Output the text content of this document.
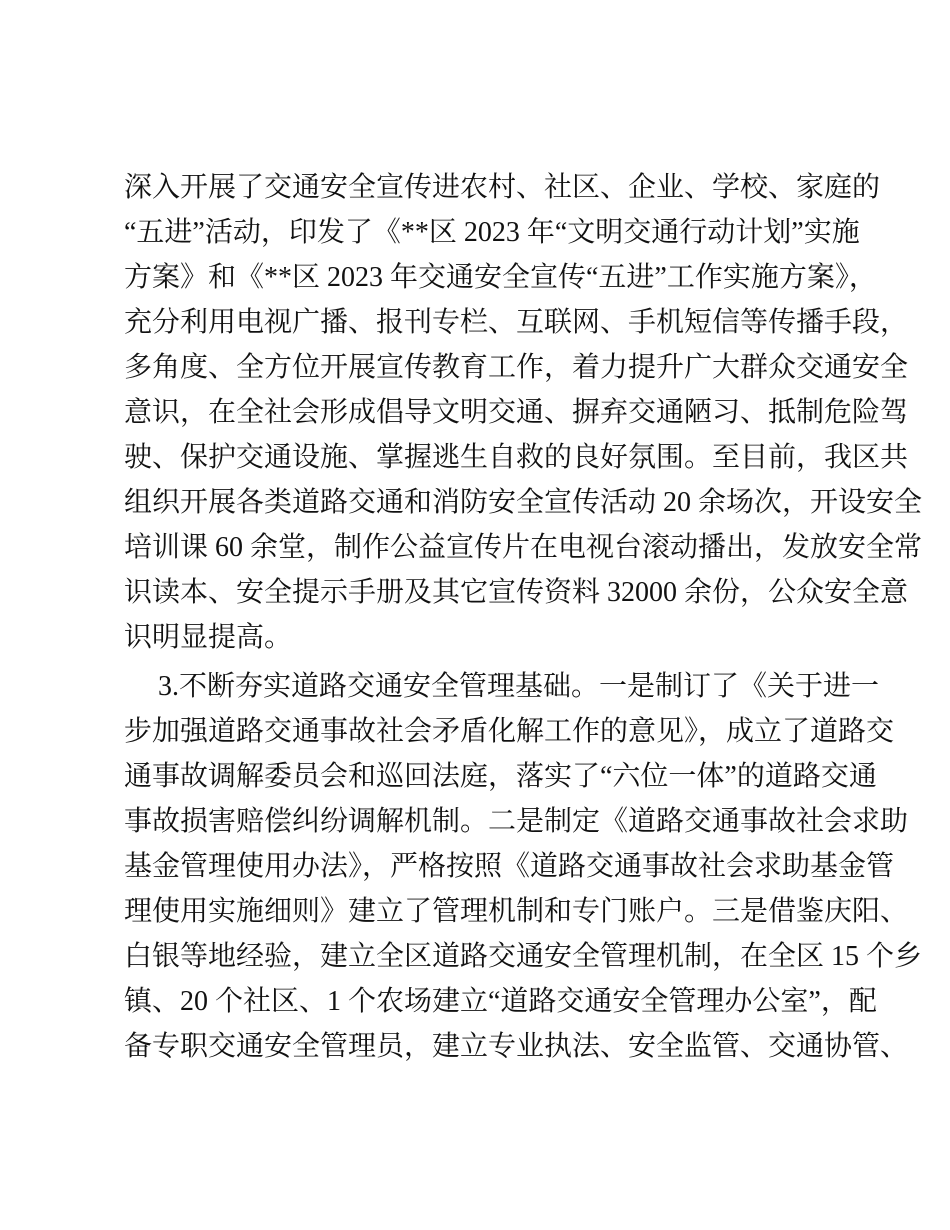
深入开展了交通安全宣传进农村、社区、企业、学校、家庭的
“五进”活动，印发了《**区 2023 年“文明交通行动计划”实施
方案》和《**区 2023 年交通安全宣传“五进”工作实施方案》，
充分利用电视广播、报刊专栏、互联网、手机短信等传播手段，
多角度、全方位开展宣传教育工作，着力提升广大群众交通安全
意识，在全社会形成倡导文明交通、摒弃交通陋习、抵制危险驾
驶、保护交通设施、掌握逃生自救的良好氛围。至目前，我区共
组织开展各类道路交通和消防安全宣传活动 20 余场次，开设安全
培训课 60 余堂，制作公益宣传片在电视台滚动播出，发放安全常
识读本、安全提示手册及其它宣传资料 32000 余份，公众安全意
识明显提高。
3.不断夯实道路交通安全管理基础。一是制订了《关于进一
步加强道路交通事故社会矛盾化解工作的意见》，成立了道路交
通事故调解委员会和巡回法庭，落实了“六位一体”的道路交通
事故损害赔偿纠纷调解机制。二是制定《道路交通事故社会求助
基金管理使用办法》，严格按照《道路交通事故社会求助基金管
理使用实施细则》建立了管理机制和专门账户。三是借鉴庆阳、
白银等地经验，建立全区道路交通安全管理机制，在全区 15 个乡
镇、20 个社区、1 个农场建立“道路交通安全管理办公室”，配
备专职交通安全管理员，建立专业执法、安全监管、交通协管、
